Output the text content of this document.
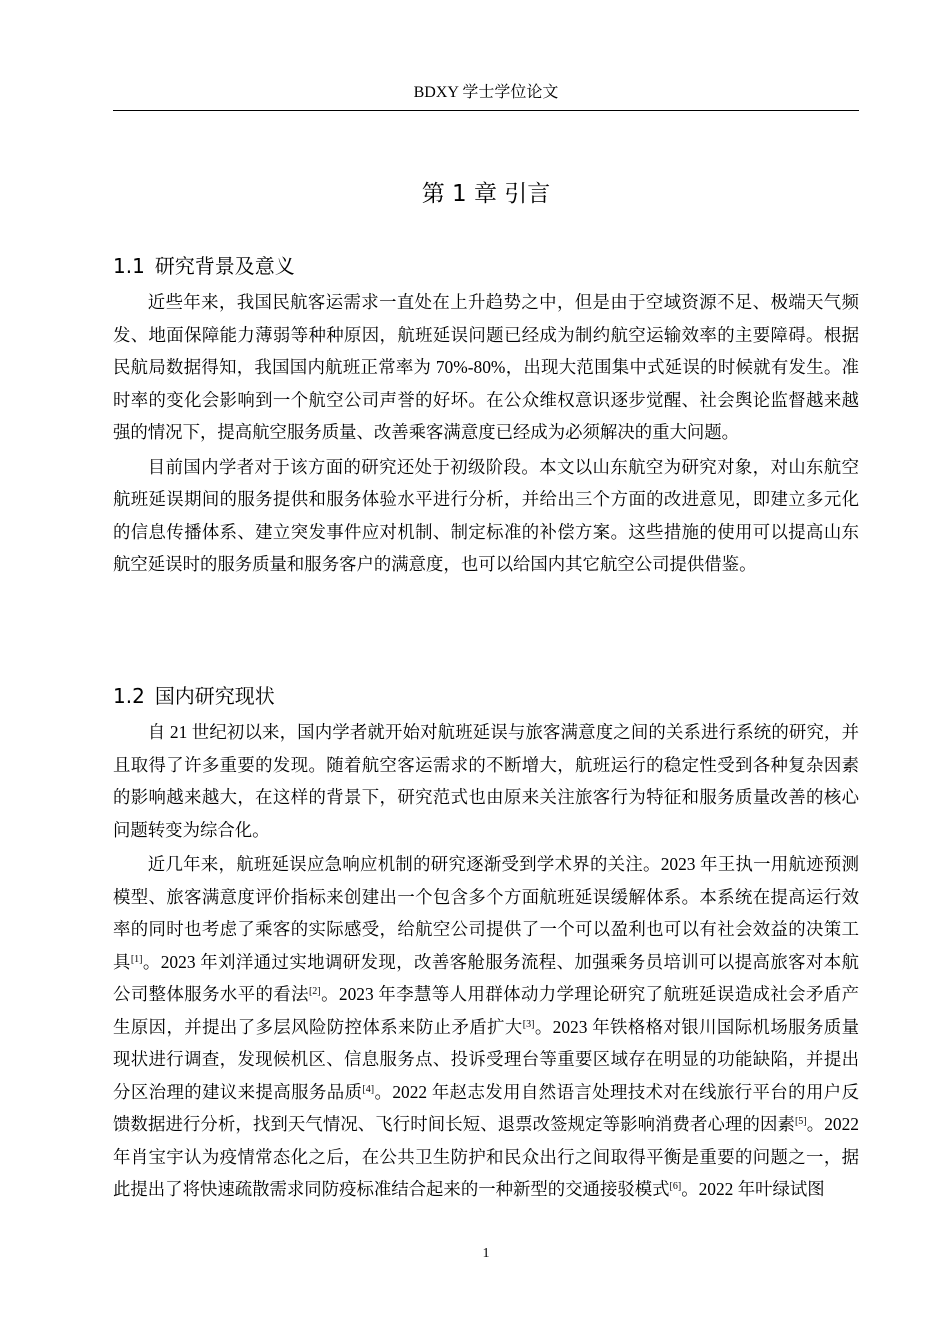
BDXY 学士学位论文
第 1 章 引言
1.1 研究背景及意义

近些年来，我国民航客运需求一直处在上升趋势之中，但是由于空域资源不足、极端天气频发、地面保障能力薄弱等种种原因，航班延误问题已经成为制约航空运输效率的主要障碍。根据民航局数据得知，我国国内航班正常率为 70%-80%，出现大范围集中式延误的时候就有发生。准时率的变化会影响到一个航空公司声誉的好坏。在公众维权意识逐步觉醒、社会舆论监督越来越强的情况下，提高航空服务质量、改善乘客满意度已经成为必须解决的重大问题。

目前国内学者对于该方面的研究还处于初级阶段。本文以山东航空为研究对象，对山东航空航班延误期间的服务提供和服务体验水平进行分析，并给出三个方面的改进意见，即建立多元化的信息传播体系、建立突发事件应对机制、制定标准的补偿方案。这些措施的使用可以提高山东航空延误时的服务质量和服务客户的满意度，也可以给国内其它航空公司提供借鉴。

1.2 国内研究现状

自 21 世纪初以来，国内学者就开始对航班延误与旅客满意度之间的关系进行系统的研究，并且取得了许多重要的发现。随着航空客运需求的不断增大，航班运行的稳定性受到各种复杂因素的影响越来越大，在这样的背景下，研究范式也由原来关注旅客行为特征和服务质量改善的核心问题转变为综合化。

近几年来，航班延误应急响应机制的研究逐渐受到学术界的关注。2023 年王执一用航迹预测模型、旅客满意度评价指标来创建出一个包含多个方面航班延误缓解体系。本系统在提高运行效率的同时也考虑了乘客的实际感受，给航空公司提供了一个可以盈利也可以有社会效益的决策工具[1]。2023 年刘洋通过实地调研发现，改善客舱服务流程、加强乘务员培训可以提高旅客对本航公司整体服务水平的看法[2]。2023 年李慧等人用群体动力学理论研究了航班延误造成社会矛盾产生原因，并提出了多层风险防控体系来防止矛盾扩大[3]。2023 年铁格格对银川国际机场服务质量现状进行调查，发现候机区、信息服务点、投诉受理台等重要区域存在明显的功能缺陷，并提出分区治理的建议来提高服务品质[4]。2022 年赵志发用自然语言处理技术对在线旅行平台的用户反馈数据进行分析，找到天气情况、飞行时间长短、退票改签规定等影响消费者心理的因素[5]。2022 年肖宝宇认为疫情常态化之后，在公共卫生防护和民众出行之间取得平衡是重要的问题之一，据此提出了将快速疏散需求同防疫标准结合起来的一种新型的交通接驳模式[6]。2022 年叶绿试图

1
